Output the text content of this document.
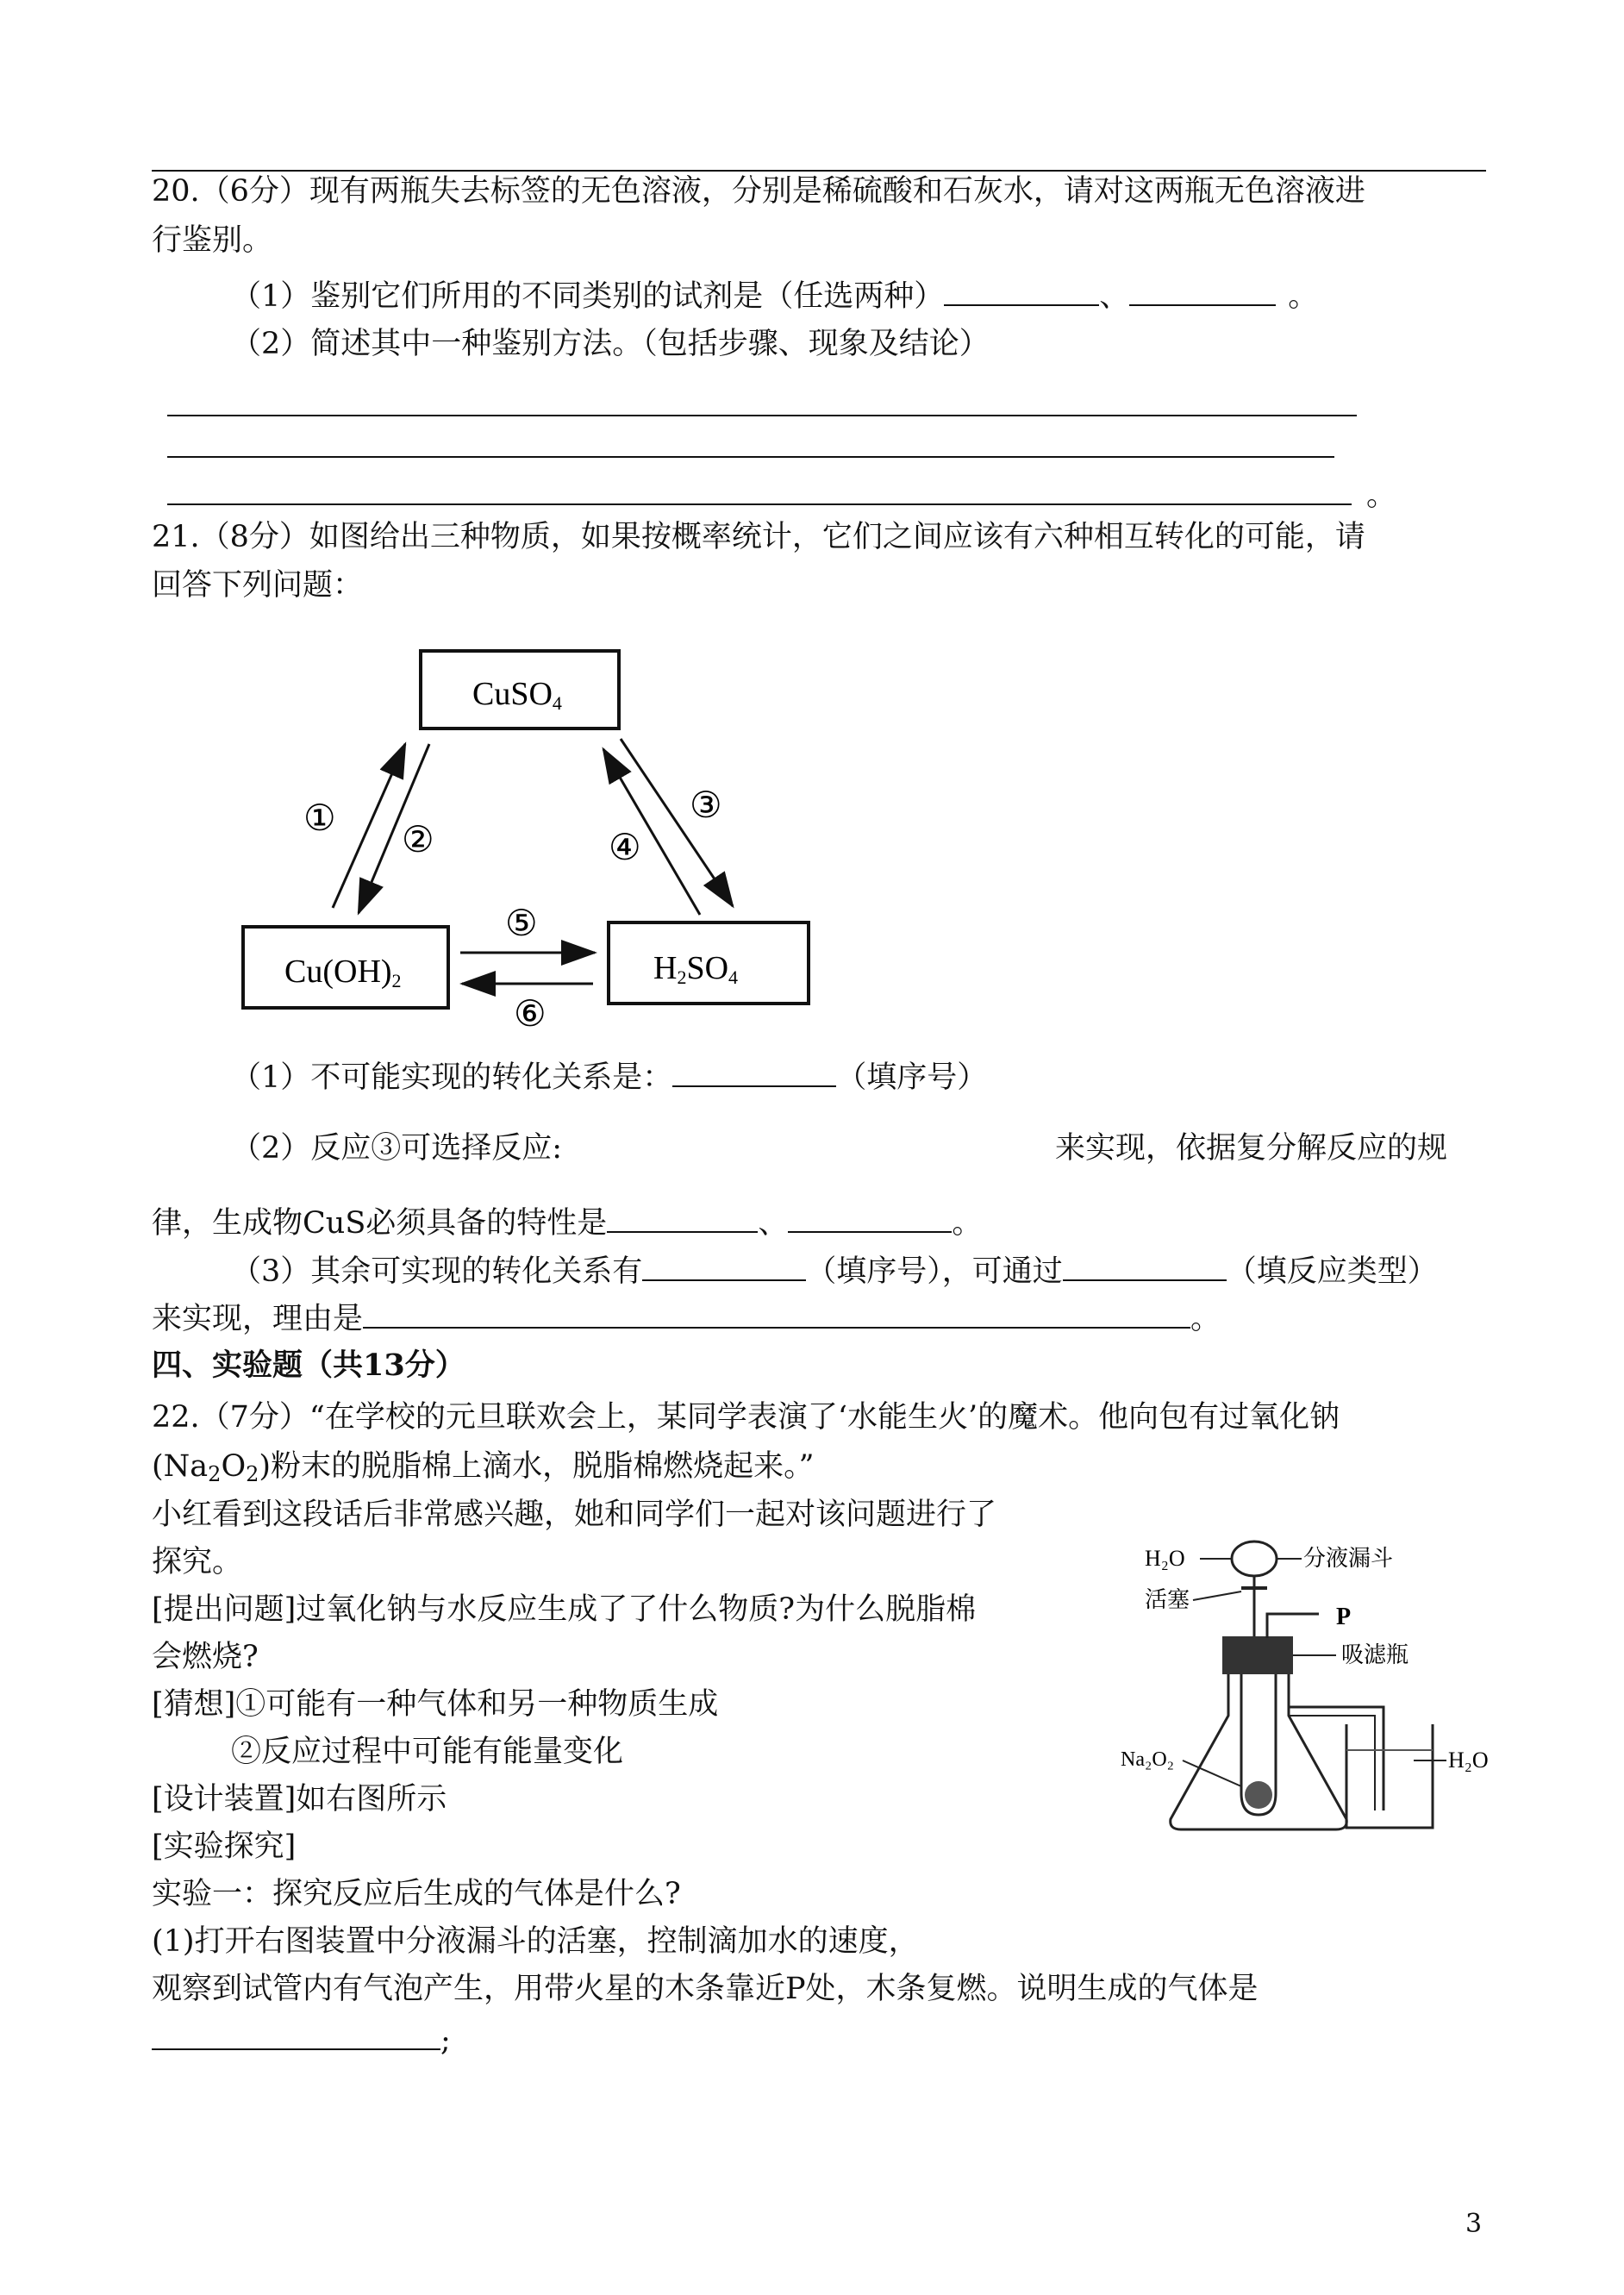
20.（6分）现有两瓶失去标签的无色溶液，分别是稀硫酸和石灰水，请对这两瓶无色溶液进
行鉴别。
（1）鉴别它们所用的不同类别的试剂是（任选两种）	、	。
（2）简述其中一种鉴别方法。（包括步骤、现象及结论）
。
21.（8分）如图给出三种物质，如果按概率统计，它们之间应该有六种相互转化的可能，请
回答下列问题：
CuSO4
Cu(OH)2	H2SO4
①
②
③
④
⑤
⑥
（1）不可能实现的转化关系是：	（填序号）
（2）反应③可选择反应:	来实现，依据复分解反应的规
律，生成物CuS必须具备的特性是	、	。
（3）其余可实现的转化关系有	（填序号），可通过	（填反应类型）
来实现，理由是	。
四、实验题（共13分）
22.（7分）“在学校的元旦联欢会上，某同学表演了‘水能生火’的魔术。他向包有过氧化钠
$(Na_2O_2)$粉末的脱脂棉上滴水，脱脂棉燃烧起来。”
小红看到这段话后非常感兴趣，她和同学们一起对该问题进行了
探究。
[提出问题]过氧化钠与水反应生成了了什么物质?为什么脱脂棉
会燃烧?
[猜想]①可能有一种气体和另一种物质生成
②反应过程中可能有能量变化
[设计装置]如右图所示
[实验探究]
实验一：探究反应后生成的气体是什么?
(1)打开右图装置中分液漏斗的活塞，控制滴加水的速度，
观察到试管内有气泡产生，用带火星的木条靠近P处，木条复燃。说明生成的气体是
;
H₂O	分液漏斗
活塞
P
吸滤瓶
Na₂O₂	H₂O
3
